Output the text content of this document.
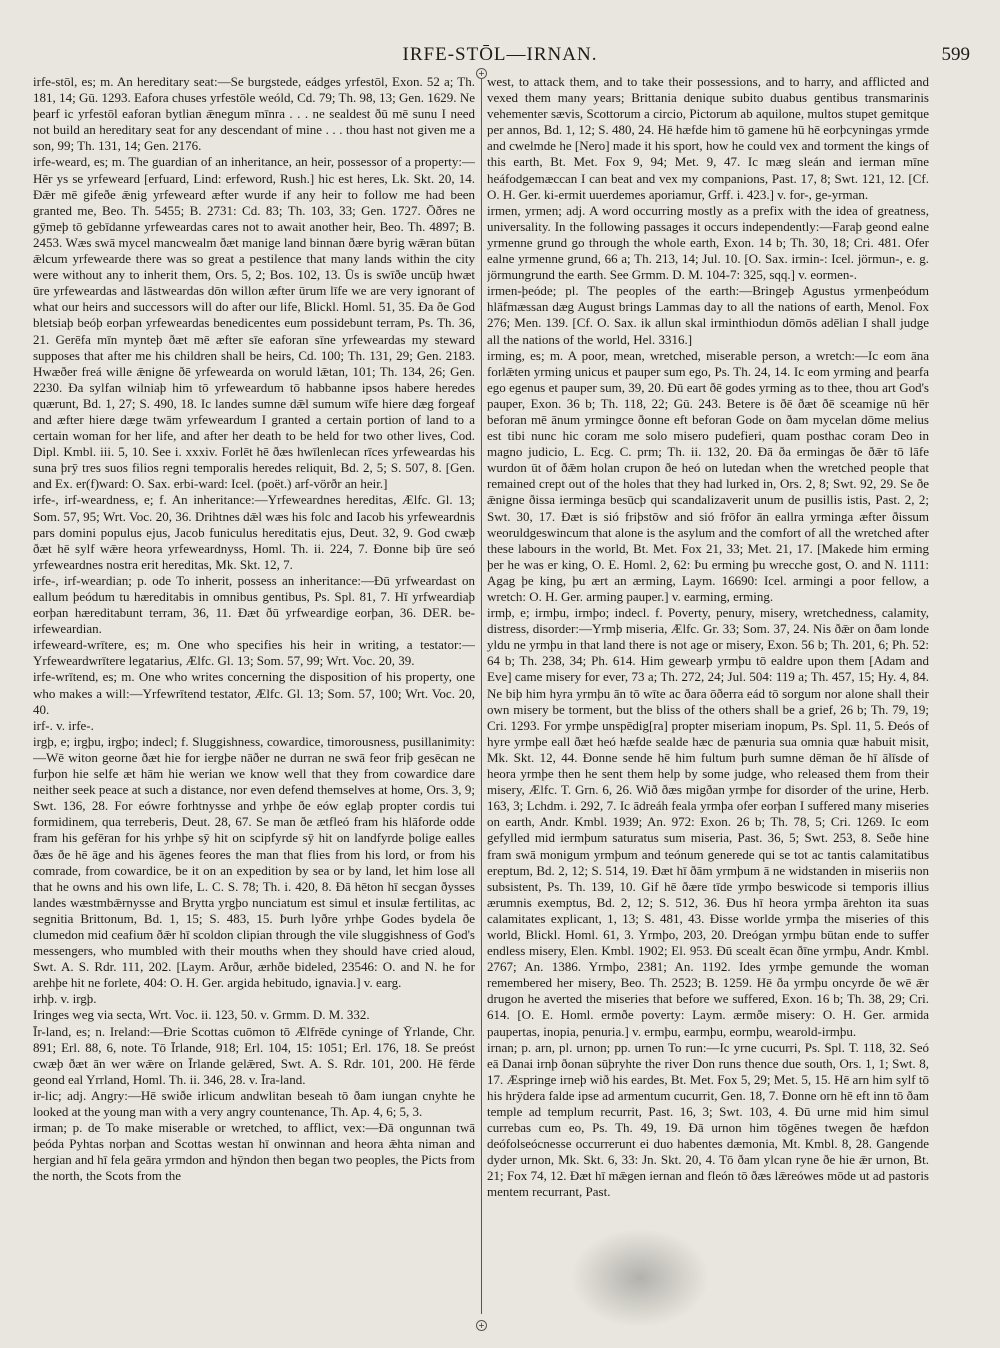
IRFE-STŌL—IRNAN.	599
+
+

irfe-stōl, es; m. An hereditary seat:—Se burgstede, eádges yrfestōl, Exon. 52 a; Th. 181, 14; Gū. 1293. Eafora chuses yrfestōle weóld, Cd. 79; Th. 98, 13; Gen. 1629. Ne þearf ic yrfestōl eaforan bytlian ǣnegum mīnra . . . ne sealdest ðū mē sunu I need not build an hereditary seat for any descendant of mine . . . thou hast not given me a son, 99; Th. 131, 14; Gen. 2176.

irfe-weard, es; m. The guardian of an inheritance, an heir, possessor of a property:—Hēr ys se yrfeweard [erfuard, Lind: erfeword, Rush.] hic est heres, Lk. Skt. 20, 14. Ðǣr mē gifeðe ǣnig yrfeweard æfter wurde if any heir to follow me had been granted me, Beo. Th. 5455; B. 2731: Cd. 83; Th. 103, 33; Gen. 1727. Ōðres ne gȳmeþ tō gebīdanne yrfeweardas cares not to await another heir, Beo. Th. 4897; B. 2453. Wæs swā mycel mancwealm ðæt manige land binnan ðære byrig wǣran būtan ǣlcum yrfewearde there was so great a pestilence that many lands within the city were without any to inherit them, Ors. 5, 2; Bos. 102, 13. Ūs is swīðe uncūþ hwæt ūre yrfeweardas and lāstweardas dōn willon æfter ūrum līfe we are very ignorant of what our heirs and successors will do after our life, Blickl. Homl. 51, 35. Ða ðe God bletsiaþ beóþ eorþan yrfeweardas benedicentes eum possidebunt terram, Ps. Th. 36, 21. Gerēfa mīn mynteþ ðæt mē æfter sīe eaforan sīne yrfeweardas my steward supposes that after me his children shall be heirs, Cd. 100; Th. 131, 29; Gen. 2183. Hwæðer freá wille ǣnigne ðē yrfewearda on woruld lǣtan, 101; Th. 134, 26; Gen. 2230. Ða sylfan wilniaþ him tō yrfeweardum tō habbanne ipsos habere heredes quærunt, Bd. 1, 27; S. 490, 18. Ic landes sumne dǣl sumum wīfe hiere dæg forgeaf and æfter hiere dæge twām yrfeweardum I granted a certain portion of land to a certain woman for her life, and after her death to be held for two other lives, Cod. Dipl. Kmbl. iii. 5, 10. See i. xxxiv. Forlēt hē ðæs hwīlenlecan rīces yrfeweardas his suna þrȳ tres suos filios regni temporalis heredes reliquit, Bd. 2, 5; S. 507, 8. [Gen. and Ex. er(f)ward: O. Sax. erbi-ward: Icel. (poët.) arf-vörðr an heir.]

irfe-, irf-weardness, e; f. An inheritance:—Yrfeweardnes hereditas, Ælfc. Gl. 13; Som. 57, 95; Wrt. Voc. 20, 36. Drihtnes dǣl wæs his folc and Iacob his yrfeweardnis pars domini populus ejus, Jacob funiculus hereditatis ejus, Deut. 32, 9. God cwæþ ðæt hē sylf wǣre heora yrfeweardnyss, Homl. Th. ii. 224, 7. Ðonne biþ ūre seó yrfeweardnes nostra erit hereditas, Mk. Skt. 12, 7.

irfe-, irf-weardian; p. ode To inherit, possess an inheritance:—Ðū yrfweardast on eallum þeódum tu hæreditabis in omnibus gentibus, Ps. Spl. 81, 7. Hī yrfweardiaþ eorþan hæreditabunt terram, 36, 11. Ðæt ðū yrfweardige eorþan, 36. DER. be-irfeweardian.

irfeweard-wrītere, es; m. One who specifies his heir in writing, a testator:—Yrfeweardwrītere legatarius, Ælfc. Gl. 13; Som. 57, 99; Wrt. Voc. 20, 39.

irfe-wrītend, es; m. One who writes concerning the disposition of his property, one who makes a will:—Yrfewrītend testator, Ælfc. Gl. 13; Som. 57, 100; Wrt. Voc. 20, 40.

irf-. v. irfe-.

irgþ, e; irgþu, irgþo; indecl; f. Sluggishness, cowardice, timorousness, pusillanimity:—Wē witon georne ðæt hie for iergþe nāðer ne durran ne swā feor friþ gesēcan ne furþon hie selfe æt hām hie werian we know well that they from cowardice dare neither seek peace at such a distance, nor even defend themselves at home, Ors. 3, 9; Swt. 136, 28. For eówre forhtnysse and yrhþe ðe eów eglaþ propter cordis tui formidinem, qua terreberis, Deut. 28, 67. Se man ðe ætfleó fram his hlāforde odde fram his gefēran for his yrhþe sȳ hit on scipfyrde sȳ hit on landfyrde þolige ealles ðæs ðe hē āge and his āgenes feores the man that flies from his lord, or from his comrade, from cowardice, be it on an expedition by sea or by land, let him lose all that he owns and his own life, L. C. S. 78; Th. i. 420, 8. Ðā hēton hī secgan ðysses landes wæstmbǣrnysse and Brytta yrgþo nunciatum est simul et insulæ fertilitas, ac segnitia Brittonum, Bd. 1, 15; S. 483, 15. Þurh lyðre yrhþe Godes bydela ðe clumedon mid ceafium ðǣr hī scoldon clipian through the vile sluggishness of God's messengers, who mumbled with their mouths when they should have cried aloud, Swt. A. S. Rdr. 111, 202. [Laym. Arður, ærhðe bideled, 23546: O. and N. he for arehþe hit ne forlete, 404: O. H. Ger. argida hebitudo, ignavia.] v. earg.

irhþ. v. irgþ.

Iringes weg via secta, Wrt. Voc. ii. 123, 50. v. Grmm. D. M. 332.

Īr-land, es; n. Ireland:—Ðrie Scottas cuōmon tō Ælfrēde cyninge of Ȳrlande, Chr. 891; Erl. 88, 6, note. Tō Īrlande, 918; Erl. 104, 15: 1051; Erl. 176, 18. Se preóst cwæþ ðæt ān wer wǣre on Īrlande gelǣred, Swt. A. S. Rdr. 101, 200. Hē fērde geond eal Yrrland, Homl. Th. ii. 346, 28. v. Īra-land.

ir-lic; adj. Angry:—Hē swiðe irlicum andwlitan beseah tō ðam iungan cnyhte he looked at the young man with a very angry countenance, Th. Ap. 4, 6; 5, 3.

irman; p. de To make miserable or wretched, to afflict, vex:—Ðā ongunnan twā þeóda Pyhtas norþan and Scottas westan hī onwinnan and heora ǣhta niman and hergian and hī fela geāra yrmdon and hȳndon then began two peoples, the Picts from the north, the Scots from the

west, to attack them, and to take their possessions, and to harry, and afflicted and vexed them many years; Brittania denique subito duabus gentibus transmarinis vehementer sævis, Scottorum a circio, Pictorum ab aquilone, multos stupet gemitque per annos, Bd. 1, 12; S. 480, 24. Hē hæfde him tō gamene hū hē eorþcyningas yrmde and cwelmde he [Nero] made it his sport, how he could vex and torment the kings of this earth, Bt. Met. Fox 9, 94; Met. 9, 47. Ic mæg sleán and ierman mīne heáfodgemæccan I can beat and vex my companions, Past. 17, 8; Swt. 121, 12. [Cf. O. H. Ger. ki-ermit uuerdemes aporiamur, Grff. i. 423.] v. for-, ge-yrman.

irmen, yrmen; adj. A word occurring mostly as a prefix with the idea of greatness, universality. In the following passages it occurs independently:—Faraþ geond ealne yrmenne grund go through the whole earth, Exon. 14 b; Th. 30, 18; Cri. 481. Ofer ealne yrmenne grund, 66 a; Th. 213, 14; Jul. 10. [O. Sax. irmin-: Icel. jörmun-, e. g. jörmungrund the earth. See Grmm. D. M. 104-7: 325, sqq.] v. eormen-.

irmen-þeóde; pl. The peoples of the earth:—Bringeþ Agustus yrmenþeódum hlāfmæssan dæg August brings Lammas day to all the nations of earth, Menol. Fox 276; Men. 139. [Cf. O. Sax. ik allun skal irminthiodun dōmōs adēlian I shall judge all the nations of the world, Hel. 3316.]

irming, es; m. A poor, mean, wretched, miserable person, a wretch:—Ic eom āna forlǣten yrming unicus et pauper sum ego, Ps. Th. 24, 14. Ic eom yrming and þearfa ego egenus et pauper sum, 39, 20. Ðū eart ðē godes yrming as to thee, thou art God's pauper, Exon. 36 b; Th. 118, 22; Gū. 243. Betere is ðē ðæt ðē sceamige nū hēr beforan mē ānum yrmingce ðonne eft beforan Gode on ðam mycelan dōme melius est tibi nunc hic coram me solo misero pudefieri, quam posthac coram Deo in magno judicio, L. Ecg. C. prm; Th. ii. 132, 20. Ðā ða ermingas ðe ðǣr tō lāfe wurdon ūt of ðǣm holan crupon ðe heó on lutedan when the wretched people that remained crept out of the holes that they had lurked in, Ors. 2, 8; Swt. 92, 29. Se ðe ǣnigne ðissa ierminga besūcþ qui scandalizaverit unum de pusillis istis, Past. 2, 2; Swt. 30, 17. Ðæt is sió friþstōw and sió frōfor ān eallra yrminga æfter ðissum weoruldgeswincum that alone is the asylum and the comfort of all the wretched after these labours in the world, Bt. Met. Fox 21, 33; Met. 21, 17. [Makede him erming þer he was er king, O. E. Homl. 2, 62: Þu erming þu wrecche gost, O. and N. 1111: Agag þe king, þu ært an ærming, Laym. 16690: Icel. armingi a poor fellow, a wretch: O. H. Ger. arming pauper.] v. earming, erming.

irmþ, e; irmþu, irmþo; indecl. f. Poverty, penury, misery, wretchedness, calamity, distress, disorder:—Yrmþ miseria, Ælfc. Gr. 33; Som. 37, 24. Nis ðǣr on ðam londe yldu ne yrmþu in that land there is not age or misery, Exon. 56 b; Th. 201, 6; Ph. 52: 64 b; Th. 238, 34; Ph. 614. Him gewearþ yrmþu tō ealdre upon them [Adam and Eve] came misery for ever, 73 a; Th. 272, 24; Jul. 504: 119 a; Th. 457, 15; Hy. 4, 84. Ne biþ him hyra yrmþu ān tō wīte ac ðara ōðerra eád tō sorgum nor alone shall their own misery be torment, but the bliss of the others shall be a grief, 26 b; Th. 79, 19; Cri. 1293. For yrmþe unspēdig[ra] propter miseriam inopum, Ps. Spl. 11, 5. Ðeós of hyre yrmþe eall ðæt heó hæfde sealde hæc de pænuria sua omnia quæ habuit misit, Mk. Skt. 12, 44. Ðonne sende hē him fultum þurh sumne dēman ðe hī ālīsde of heora yrmþe then he sent them help by some judge, who released them from their misery, Ælfc. T. Grn. 6, 26. Wið ðæs migðan yrmþe for disorder of the urine, Herb. 163, 3; Lchdm. i. 292, 7. Ic ādreáh feala yrmþa ofer eorþan I suffered many miseries on earth, Andr. Kmbl. 1939; An. 972: Exon. 26 b; Th. 78, 5; Cri. 1269. Ic eom gefylled mid iermþum saturatus sum miseria, Past. 36, 5; Swt. 253, 8. Seðe hine fram swā monigum yrmþum and teónum generede qui se tot ac tantis calamitatibus ereptum, Bd. 2, 12; S. 514, 19. Ðæt hī ðām yrmþum ā ne widstanden in miseriis non subsistent, Ps. Th. 139, 10. Gif hē ðære tīde yrmþo beswicode si temporis illius ærumnis exemptus, Bd. 2, 12; S. 512, 36. Ðus hī heora yrmþa ārehton ita suas calamitates explicant, 1, 13; S. 481, 43. Ðisse worlde yrmþa the miseries of this world, Blickl. Homl. 61, 3. Yrmþo, 203, 20. Dreógan yrmþu būtan ende to suffer endless misery, Elen. Kmbl. 1902; El. 953. Ðū scealt ēcan ðīne yrmþu, Andr. Kmbl. 2767; An. 1386. Yrmþo, 2381; An. 1192. Ides yrmþe gemunde the woman remembered her misery, Beo. Th. 2523; B. 1259. Hē ða yrmþu oncyrde ðe wē ǣr drugon he averted the miseries that before we suffered, Exon. 16 b; Th. 38, 29; Cri. 614. [O. E. Homl. ermðe poverty: Laym. ærmðe misery: O. H. Ger. armida paupertas, inopia, penuria.] v. ermþu, earmþu, eormþu, wearold-irmþu.

irnan; p. arn, pl. urnon; pp. urnen To run:—Ic yrne cucurri, Ps. Spl. T. 118, 32. Seó eā Danai irnþ ðonan sūþryhte the river Don runs thence due south, Ors. 1, 1; Swt. 8, 17. Æspringe irneþ wið his eardes, Bt. Met. Fox 5, 29; Met. 5, 15. Hē arn him sylf tō his hrȳdera falde ipse ad armentum cucurrit, Gen. 18, 7. Ðonne orn hē eft inn tō ðam temple ad templum recurrit, Past. 16, 3; Swt. 103, 4. Ðū urne mid him simul currebas cum eo, Ps. Th. 49, 19. Ðā urnon him tōgēnes twegen ðe hæfdon deófolseócnesse occurrerunt ei duo habentes dæmonia, Mt. Kmbl. 8, 28. Gangende dyder urnon, Mk. Skt. 6, 33: Jn. Skt. 20, 4. Tō ðam ylcan ryne ðe hie ǣr urnon, Bt. 21; Fox 74, 12. Ðæt hī mǣgen iernan and fleón tō ðæs lǣreówes mōde ut ad pastoris mentem recurrant, Past.
